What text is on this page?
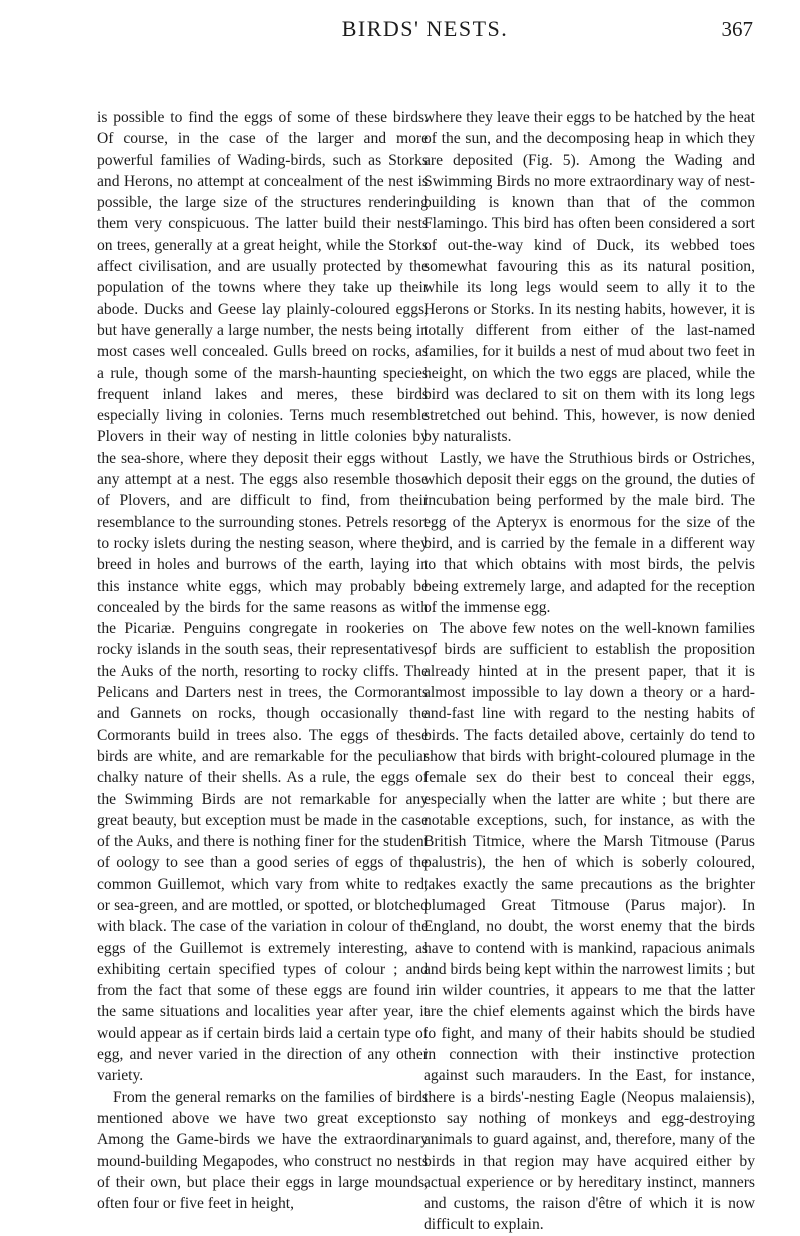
BIRDS' NESTS.	367

is possible to find the eggs of some of these birds. Of course, in the case of the larger and more powerful families of Wading-birds, such as Storks and Herons, no attempt at concealment of the nest is possible, the large size of the structures rendering them very conspicuous. The latter build their nests on trees, generally at a great height, while the Storks affect civilisation, and are usually protected by the population of the towns where they take up their abode. Ducks and Geese lay plainly-coloured eggs, but have generally a large number, the nests being in most cases well concealed. Gulls breed on rocks, as a rule, though some of the marsh-haunting species frequent inland lakes and meres, these birds especially living in colonies. Terns much resemble Plovers in their way of nesting in little colonies by the sea-shore, where they deposit their eggs without any attempt at a nest. The eggs also resemble those of Plovers, and are difficult to find, from their resemblance to the surrounding stones. Petrels resort to rocky islets during the nesting season, where they breed in holes and burrows of the earth, laying in this instance white eggs, which may probably be concealed by the birds for the same reasons as with the Picariæ. Penguins congregate in rookeries on rocky islands in the south seas, their representatives, the Auks of the north, resorting to rocky cliffs. The Pelicans and Darters nest in trees, the Cormorants and Gannets on rocks, though occasionally the Cormorants build in trees also. The eggs of these birds are white, and are remarkable for the peculiar chalky nature of their shells. As a rule, the eggs of the Swimming Birds are not remarkable for any great beauty, but exception must be made in the case of the Auks, and there is nothing finer for the student of oology to see than a good series of eggs of the common Guillemot, which vary from white to red, or sea-green, and are mottled, or spotted, or blotched with black. The case of the variation in colour of the eggs of the Guillemot is extremely interesting, as exhibiting certain specified types of colour ; and from the fact that some of these eggs are found in the same situations and localities year after year, it would appear as if certain birds laid a certain type of egg, and never varied in the direction of any other variety.

From the general remarks on the families of birds mentioned above we have two great exceptions. Among the Game-birds we have the extraordinary mound-building Megapodes, who construct no nests of their own, but place their eggs in large mounds, often four or five feet in height,

where they leave their eggs to be hatched by the heat of the sun, and the decomposing heap in which they are deposited (Fig. 5). Among the Wading and Swimming Birds no more extraordinary way of nest-building is known than that of the common Flamingo. This bird has often been considered a sort of out-the-way kind of Duck, its webbed toes somewhat favouring this as its natural position, while its long legs would seem to ally it to the Herons or Storks. In its nesting habits, however, it is totally different from either of the last-named families, for it builds a nest of mud about two feet in height, on which the two eggs are placed, while the bird was declared to sit on them with its long legs stretched out behind. This, however, is now denied by naturalists.

Lastly, we have the Struthious birds or Ostriches, which deposit their eggs on the ground, the duties of incubation being performed by the male bird. The egg of the Apteryx is enormous for the size of the bird, and is carried by the female in a different way to that which obtains with most birds, the pelvis being extremely large, and adapted for the reception of the immense egg.

The above few notes on the well-known families of birds are sufficient to establish the proposition already hinted at in the present paper, that it is almost impossible to lay down a theory or a hard-and-fast line with regard to the nesting habits of birds. The facts detailed above, certainly do tend to show that birds with bright-coloured plumage in the female sex do their best to conceal their eggs, especially when the latter are white ; but there are notable exceptions, such, for instance, as with the British Titmice, where the Marsh Titmouse (Parus palustris), the hen of which is soberly coloured, takes exactly the same precautions as the brighter plumaged Great Titmouse (Parus major). In England, no doubt, the worst enemy that the birds have to contend with is mankind, rapacious animals and birds being kept within the narrowest limits ; but in wilder countries, it appears to me that the latter are the chief elements against which the birds have to fight, and many of their habits should be studied in connection with their instinctive protection against such marauders. In the East, for instance, there is a birds'-nesting Eagle (Neopus malaiensis), to say nothing of monkeys and egg-destroying animals to guard against, and, therefore, many of the birds in that region may have acquired either by actual experience or by hereditary instinct, manners and customs, the raison d'être of which it is now difficult to explain.
